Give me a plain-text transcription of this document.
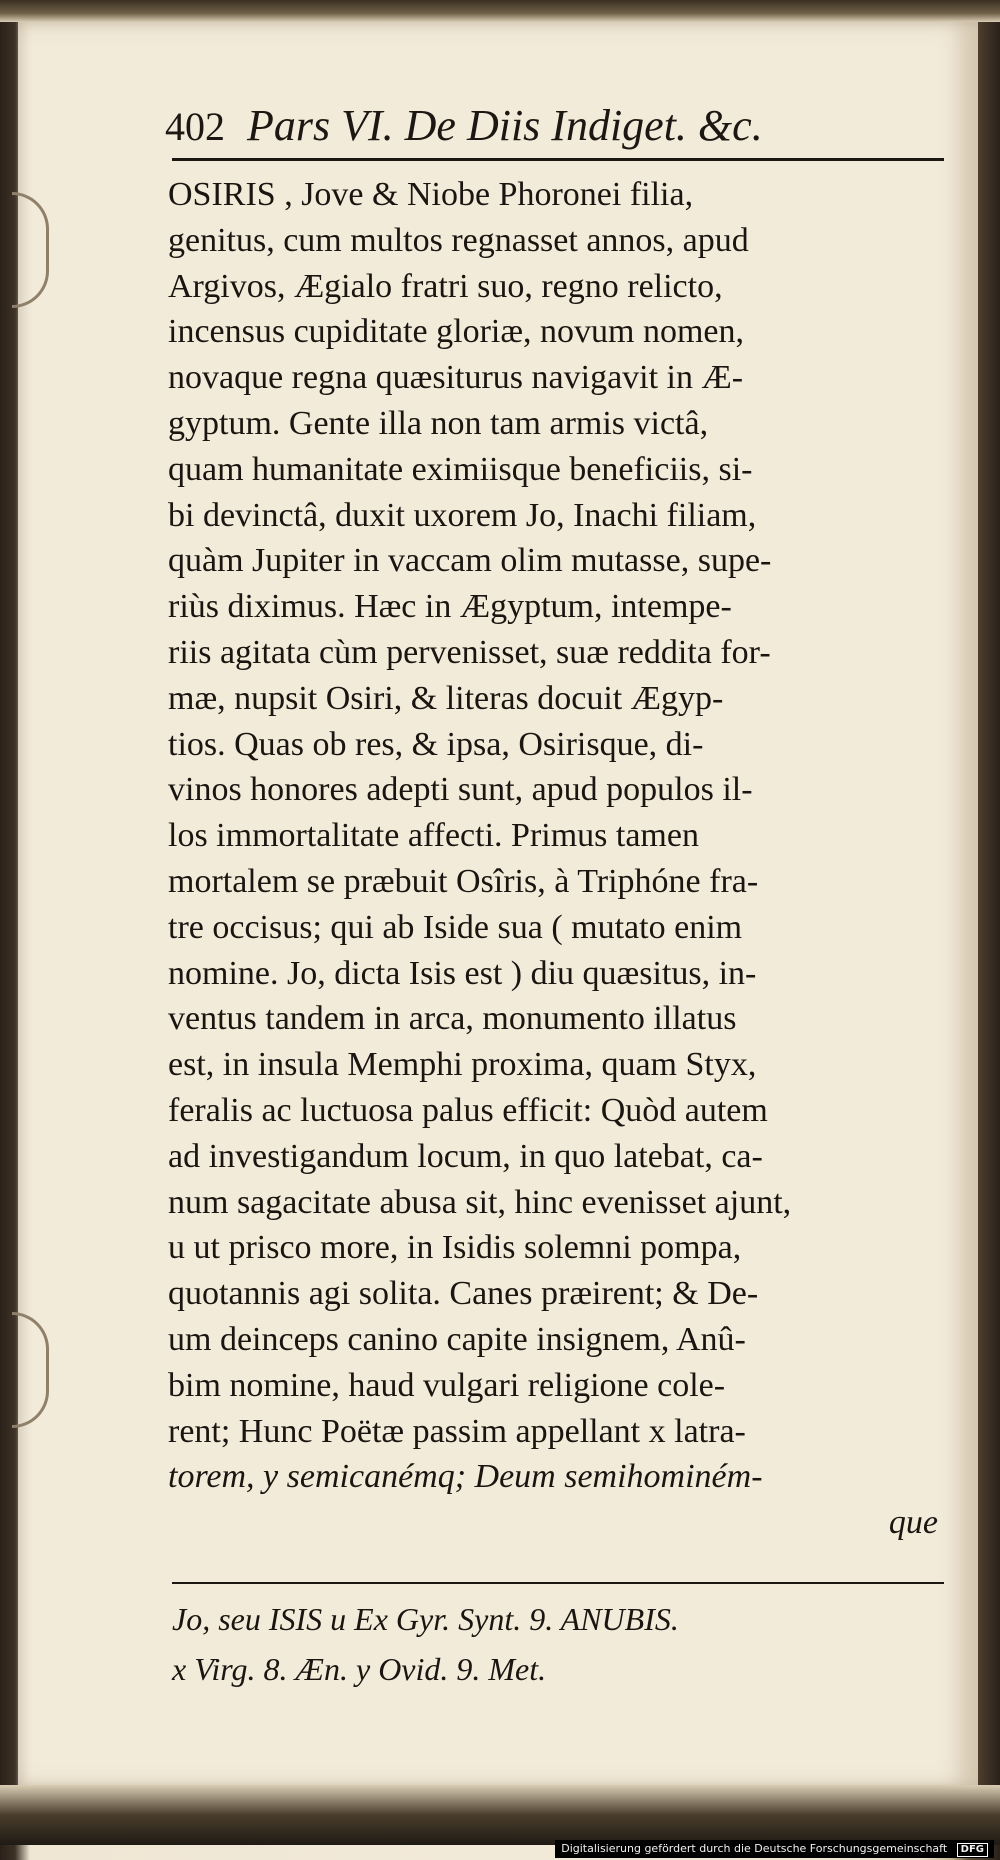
402 Pars VI. De Diis Indiget. &c.
OSIRIS , Jove & Niobe Phoronei filia,
genitus, cum multos regnasset annos, apud
Argivos, Ægialo fratri suo, regno relicto,
incensus cupiditate gloriæ, novum nomen,
novaque regna quæsiturus navigavit in Æ-
gyptum. Gente illa non tam armis victâ,
quam humanitate eximiisque beneficiis, si-
bi devinctâ, duxit uxorem Jo, Inachi filiam,
quàm Jupiter in vaccam olim mutasse, supe-
riùs diximus. Hæc in Ægyptum, intempe-
riis agitata cùm pervenisset, suæ reddita for-
mæ, nupsit Osiri, & literas docuit Ægyp-
tios. Quas ob res, & ipsa, Osirisque, di-
vinos honores adepti sunt, apud populos il-
los immortalitate affecti. Primus tamen
mortalem se præbuit Osîris, à Triphóne fra-
tre occisus; qui ab Iside sua ( mutato enim
nomine. Jo, dicta Isis est ) diu quæsitus, in-
ventus tandem in arca, monumento illatus
est, in insula Memphi proxima, quam Styx,
feralis ac luctuosa palus efficit: Quòd autem
ad investigandum locum, in quo latebat, ca-
num sagacitate abusa sit, hinc evenisset ajunt,
u ut prisco more, in Isidis solemni pompa,
quotannis agi solita. Canes præirent; & De-
um deinceps canino capite insignem, Anû-
bim nomine, haud vulgari religione cole-
rent; Hunc Poëtæ passim appellant x latra-
torem, y semicanémq; Deum semihominém-
que
Jo, seu ISIS u Ex Gyr. Synt. 9. ANUBIS.
x Virg. 8. Æn. y Ovid. 9. Met.
Digitalisierung gefördert durch die Deutsche Forschungsgemeinschaft DFG
